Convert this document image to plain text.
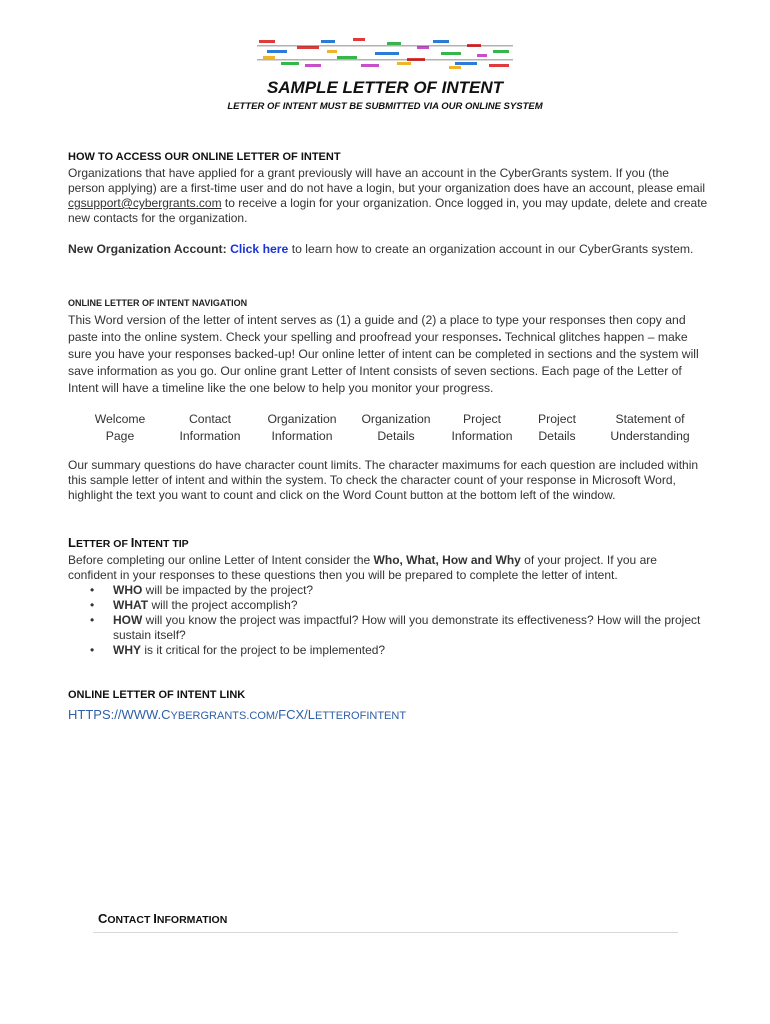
SAMPLE LETTER OF INTENT
LETTER OF INTENT MUST BE SUBMITTED VIA OUR ONLINE SYSTEM
HOW TO ACCESS OUR ONLINE LETTER OF INTENT
Organizations that have applied for a grant previously will have an account in the CyberGrants system. If you (the person applying) are a first-time user and do not have a login, but your organization does have an account, please email cgsupport@cybergrants.com to receive a login for your organization. Once logged in, you may update, delete and create new contacts for the organization.
New Organization Account: Click here to learn how to create an organization account in our CyberGrants system.
ONLINE LETTER OF INTENT NAVIGATION
This Word version of the letter of intent serves as (1) a guide and (2) a place to type your responses then copy and paste into the online system. Check your spelling and proofread your responses. Technical glitches happen – make sure you have your responses backed-up! Our online letter of intent can be completed in sections and the system will save information as you go. Our online grant Letter of Intent consists of seven sections. Each page of the Letter of Intent will have a timeline like the one below to help you monitor your progress.
Welcome
Page
Contact
Information
Organization
Information
Organization
Details
Project
Information
Project
Details
Statement of
Understanding
Our summary questions do have character count limits. The character maximums for each question are included within this sample letter of intent and within the system. To check the character count of your response in Microsoft Word, highlight the text you want to count and click on the Word Count button at the bottom left of the window.
LETTER OF INTENT TIP
Before completing our online Letter of Intent consider the Who, What, How and Why of your project. If you are confident in your responses to these questions then you will be prepared to complete the letter of intent.
• WHO will be impacted by the project?
• WHAT will the project accomplish?
• HOW will you know the project was impactful? How will you demonstrate its effectiveness? How will the project sustain itself?
• WHY is it critical for the project to be implemented?
ONLINE LETTER OF INTENT LINK
HTTPS://WWW.CYBERGRANTS.COM/FCX/LETTEROFINTENT
CONTACT INFORMATION
